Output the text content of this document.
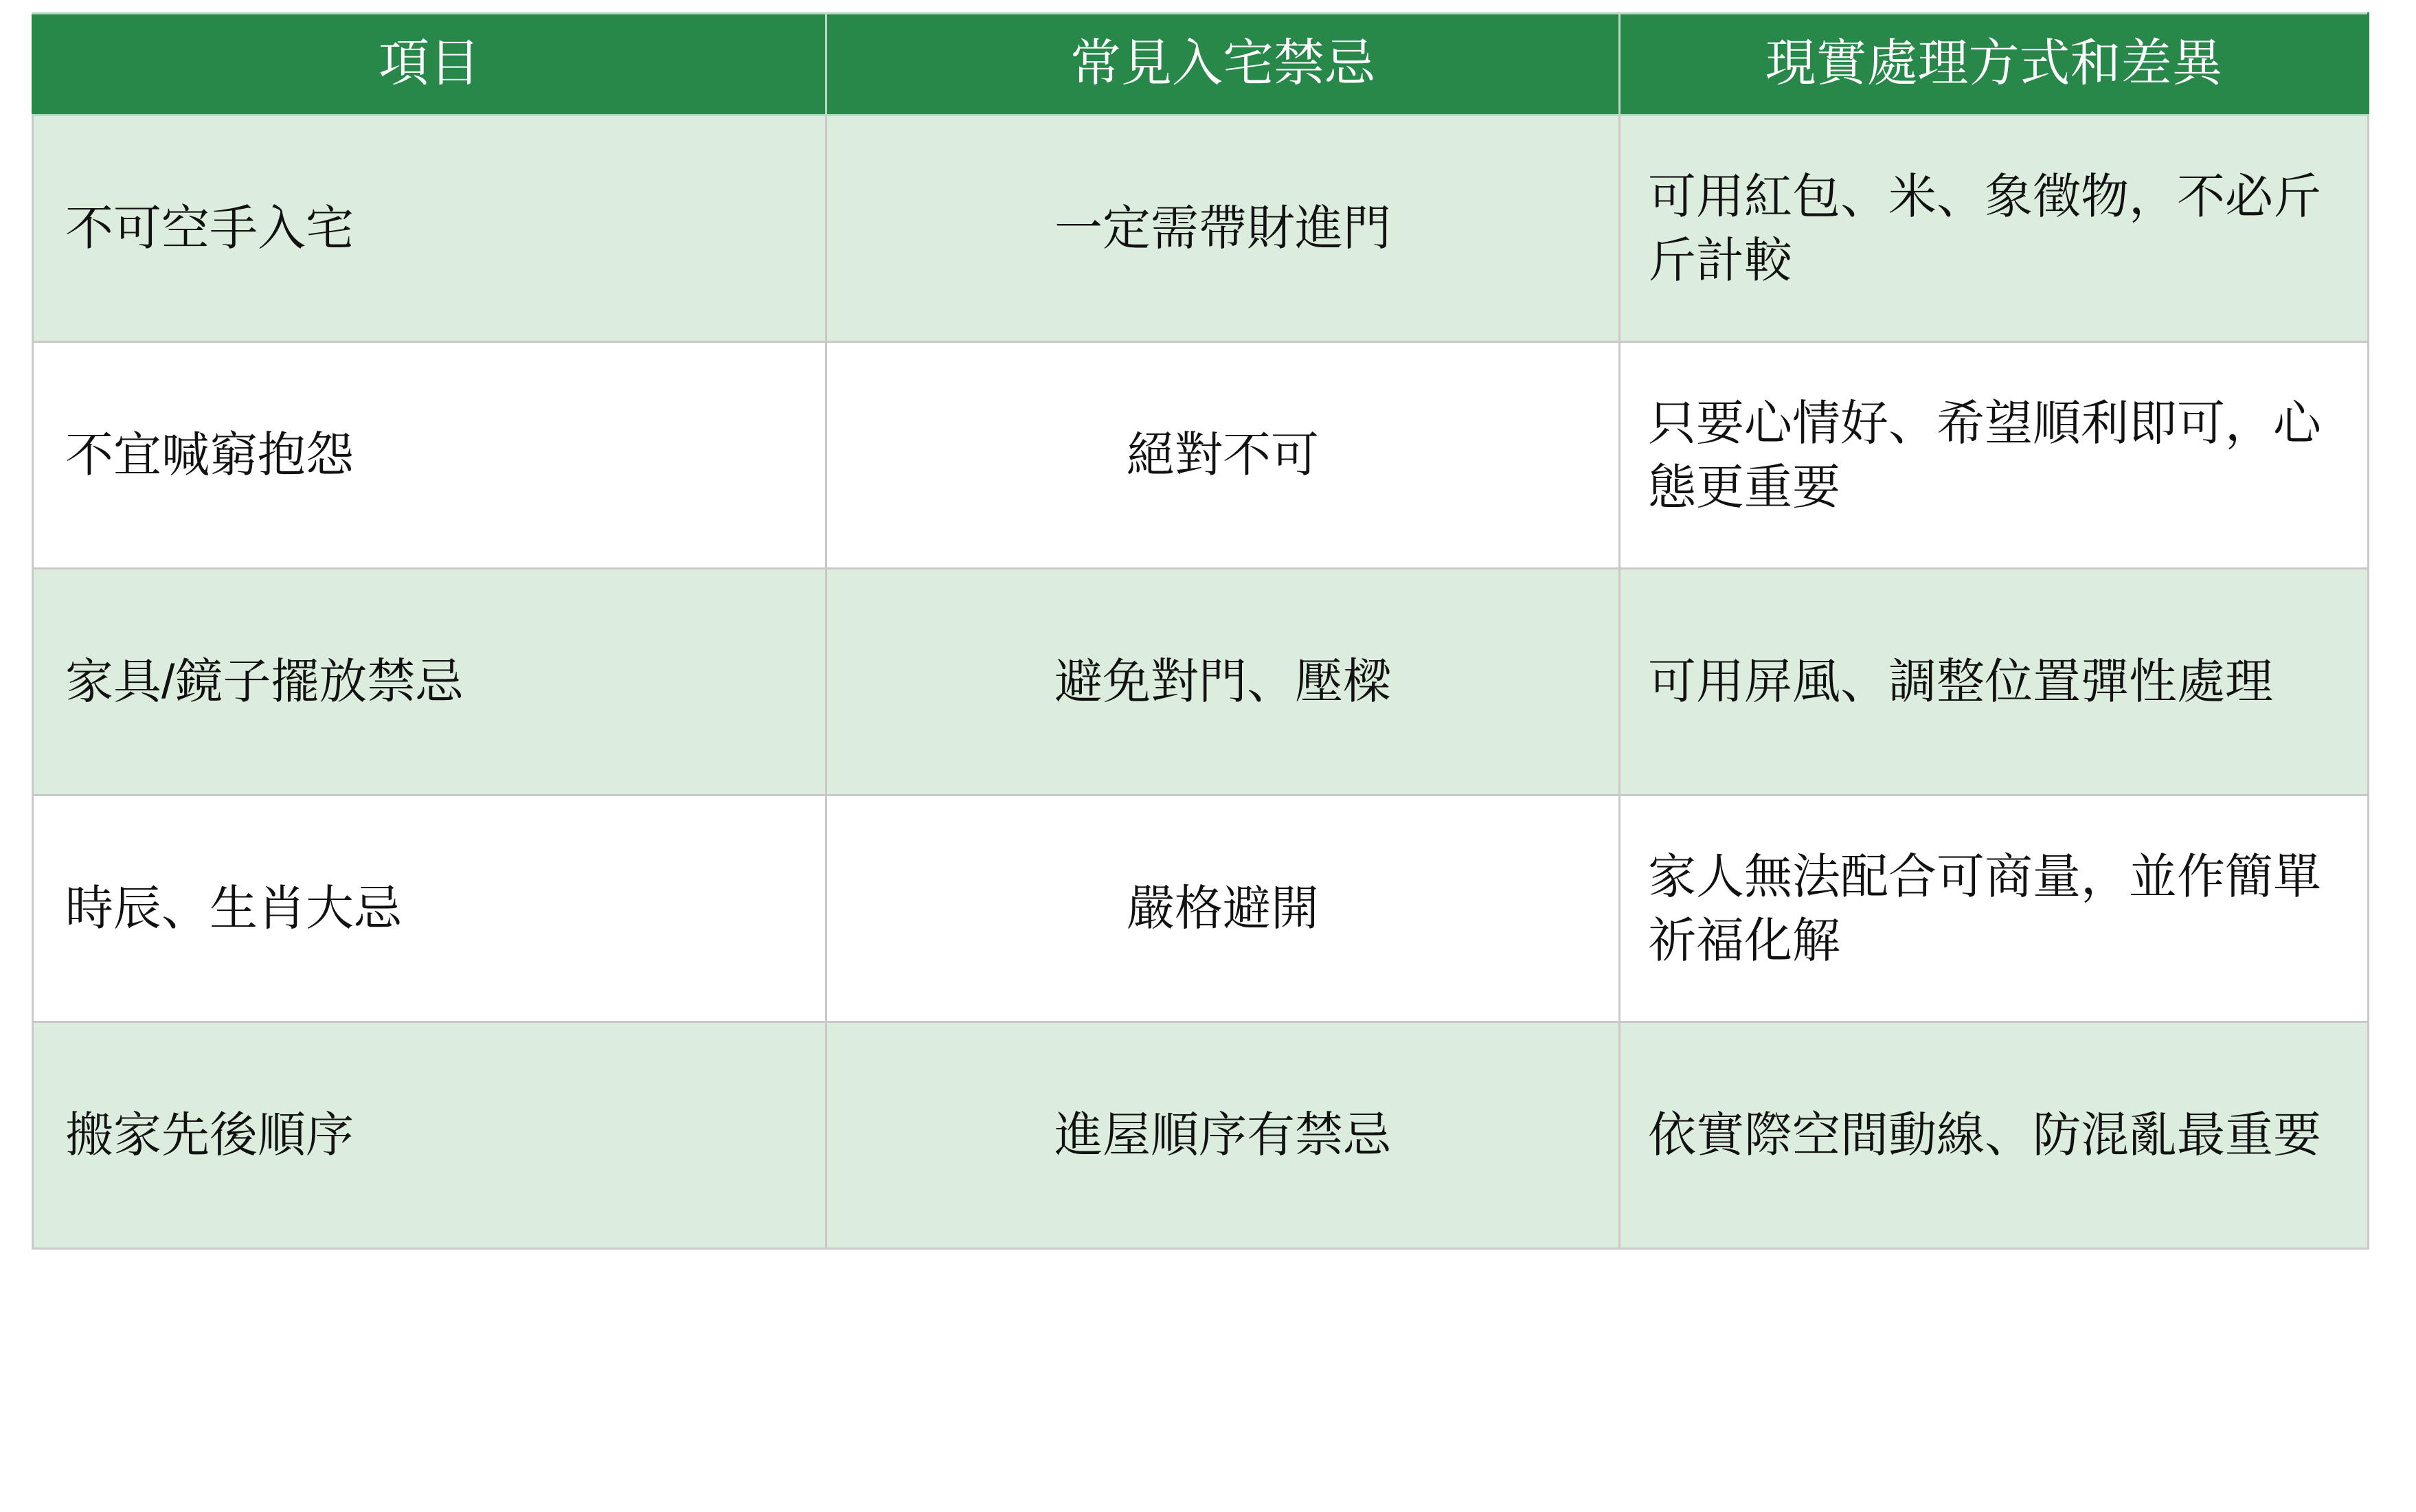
項目	常見入宅禁忌	現實處理方式和差異
不可空手入宅	一定需帶財進門	可用紅包、米、象徵物，不必斤斤計較
不宜喊窮抱怨	絕對不可	只要心情好、希望順利即可，心態更重要
家具/鏡子擺放禁忌	避免對門、壓樑	可用屏風、調整位置彈性處理
時辰、生肖大忌	嚴格避開	家人無法配合可商量，並作簡單祈福化解
搬家先後順序	進屋順序有禁忌	依實際空間動線、防混亂最重要
